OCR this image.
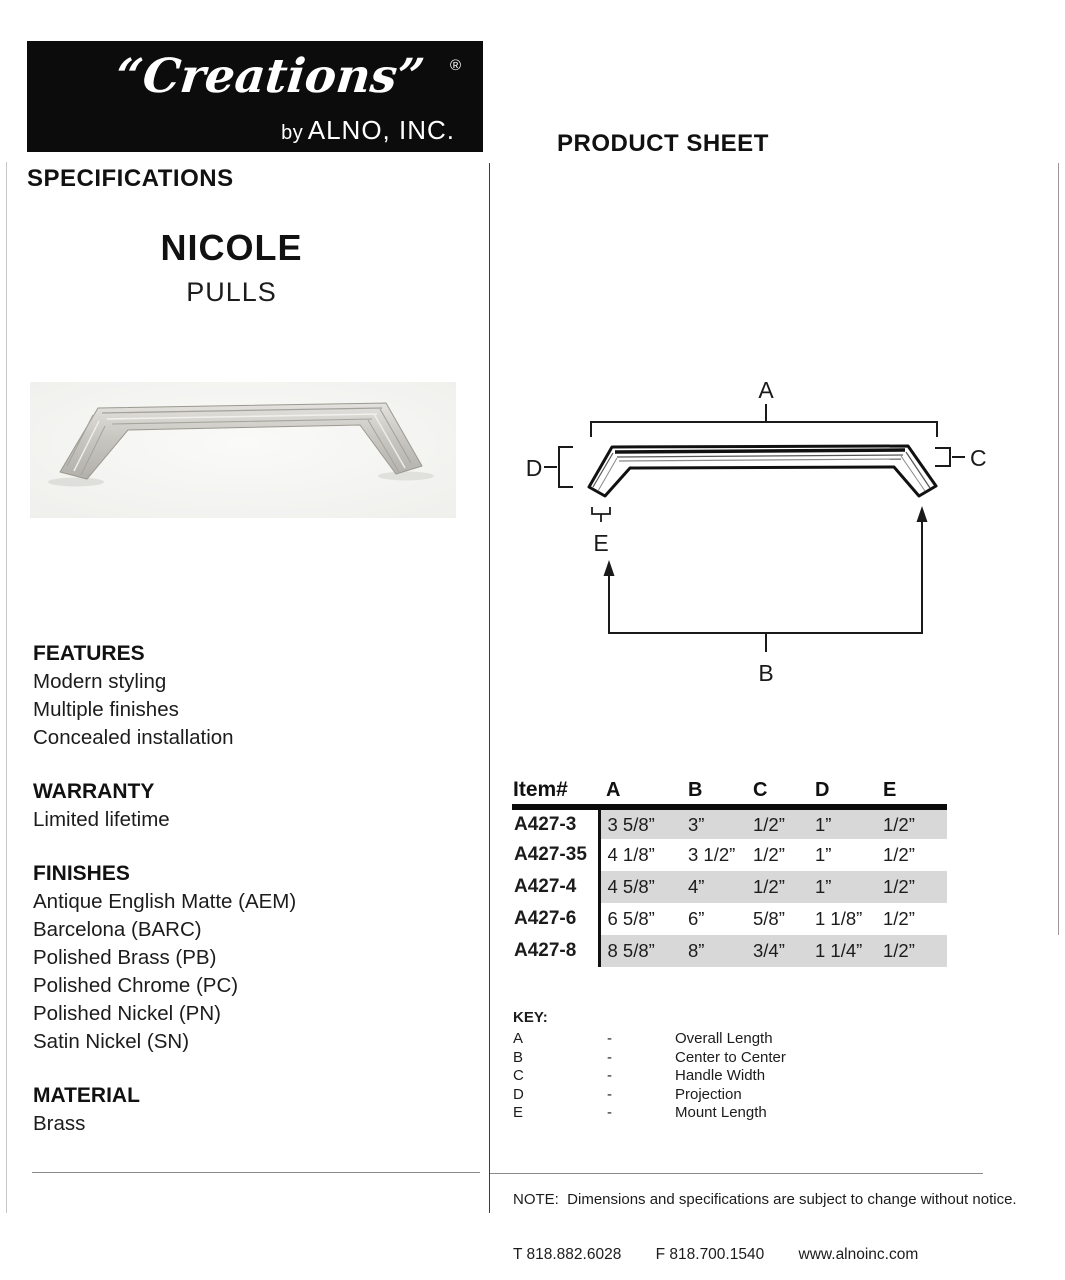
“Creations”	®
by ALNO, INC.	PRODUCT SHEET
SPECIFICATIONS
NICOLE
PULLS
A
D	C
E
B
FEATURES
Modern styling
Multiple finishes
Concealed installation
WARRANTY
Limited lifetime
FINISHES
Antique English Matte (AEM)
Barcelona (BARC)
Polished Brass (PB)
Polished Chrome (PC)
Polished Nickel (PN)
Satin Nickel (SN)
MATERIAL
Brass
Item#	A	B	C	D	E
A427-3	3 5/8”	3”	1/2”	1”	1/2”
A427-35	4 1/8”	3 1/2”	1/2”	1”	1/2”
A427-4	4 5/8”	4”	1/2”	1”	1/2”
A427-6	6 5/8”	6”	5/8”	1 1/8”	1/2”
A427-8	8 5/8”	8”	3/4”	1 1/4”	1/2”
KEY:
A	-	Overall Length
B	-	Center to Center
C	-	Handle Width
D	-	Projection
E	-	Mount Length
NOTE:  Dimensions and specifications are subject to change without notice.
T 818.882.6028 F 818.700.1540 www.alnoinc.com
